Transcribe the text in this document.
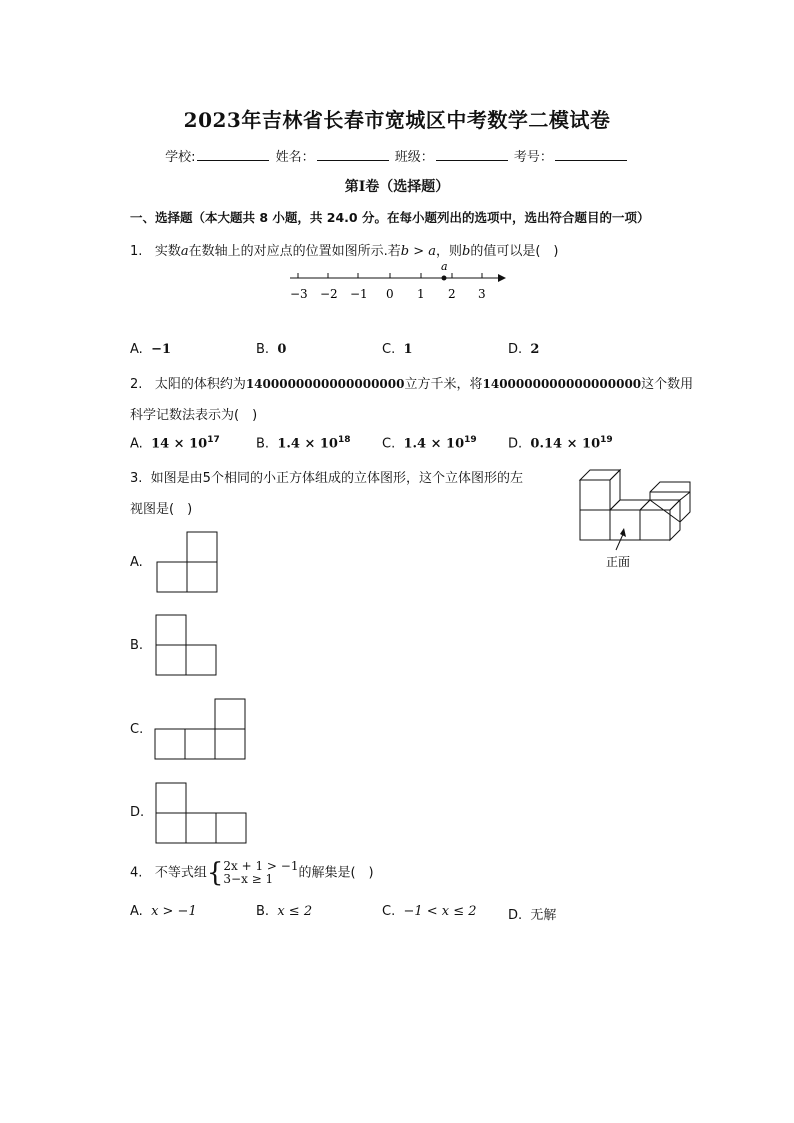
2023年吉林省长春市宽城区中考数学二模试卷
学校:	姓名：	班级：	考号：
第I卷（选择题）
一、选择题（本大题共 8 小题，共 24.0 分。在每小题列出的选项中，选出符合题目的一项）
1. 实数a在数轴上的对应点的位置如图所示.若b > a，则b的值可以是(　)
a
−3 −2 −1 0 1 2 3
A. −1	B. 0	C. 1	D. 2
2. 太阳的体积约为1400000000000000000立方千米，将1400000000000000000这个数用
科学记数法表示为(　)
A. $14 \times 10^{17}$	B. $1.4 \times 10^{18}$ C. $1.4 \times 10^{19}$ D. $0.14 \times 10^{19}$
3. 如图是由5个相同的小正方体组成的立体图形，这个立体图形的左
视图是(　)
正面
A.
B.
C.
D.
4. 不等式组{2x + 1 > −1
3−x ≥ 1 的解集是(　)
A. x > −1	B. x ≤ 2	C. −1 < x ≤ 2 D. 无解
